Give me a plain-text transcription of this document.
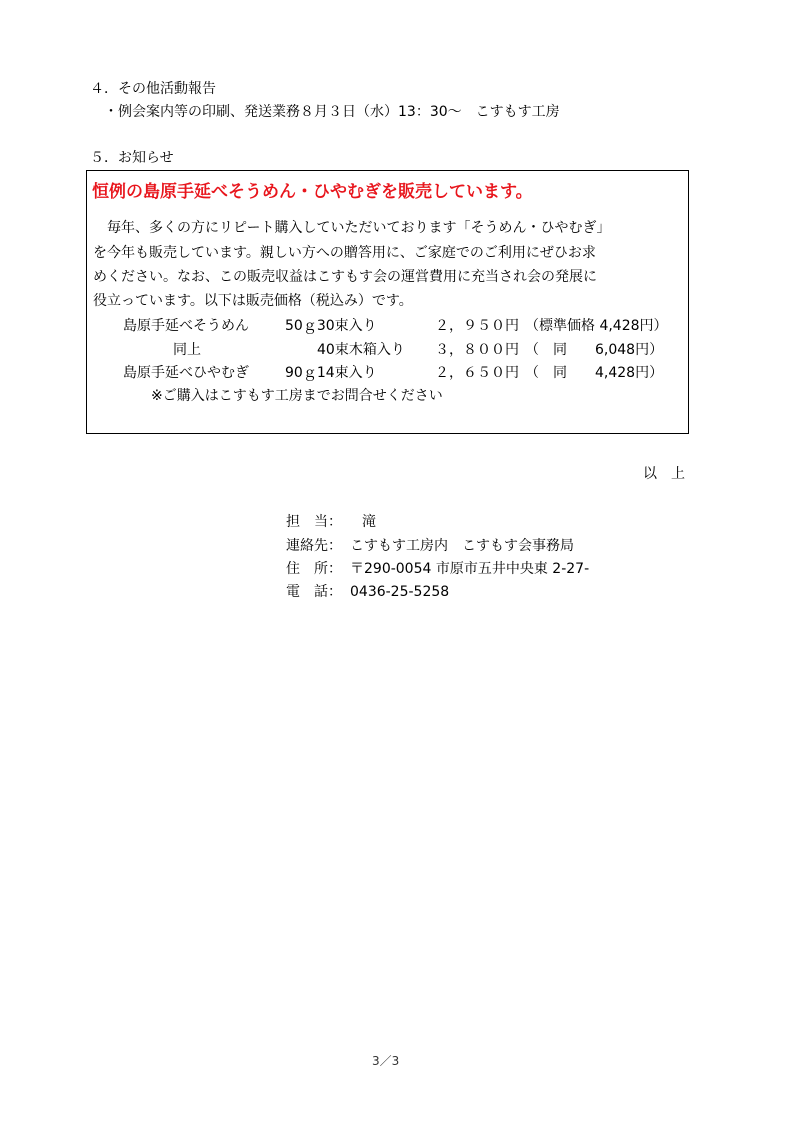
４．その他活動報告
・例会案内等の印刷、発送業務８月３日（水）13：30～　こすもす工房
５．お知らせ
恒例の島原手延べそうめん・ひやむぎを販売しています。
毎年、多くの方にリピート購入していただいております「そうめん・ひやむぎ」
を今年も販売しています。親しい方への贈答用に、ご家庭でのご利用にぜひお求
めください。なお、この販売収益はこすもす会の運営費用に充当され会の発展に
役立っています。以下は販売価格（税込み）です。
島原手延べそうめん	50ｇ30束入り	２，９５０円 （標準価格 4,428円）
同上	40束木箱入り ３，８００円 （　同　　6,048円）
島原手延べひやむぎ	90ｇ14束入り	２，６５０円 （　同　　4,428円）
※ご購入はこすもす工房までお問合せください
以　上
担　当： 滝
連絡先： こすもす工房内　こすもす会事務局
住　所： 〒290-0054 市原市五井中央東 2-27-
電　話： 0436-25-5258
3／3
